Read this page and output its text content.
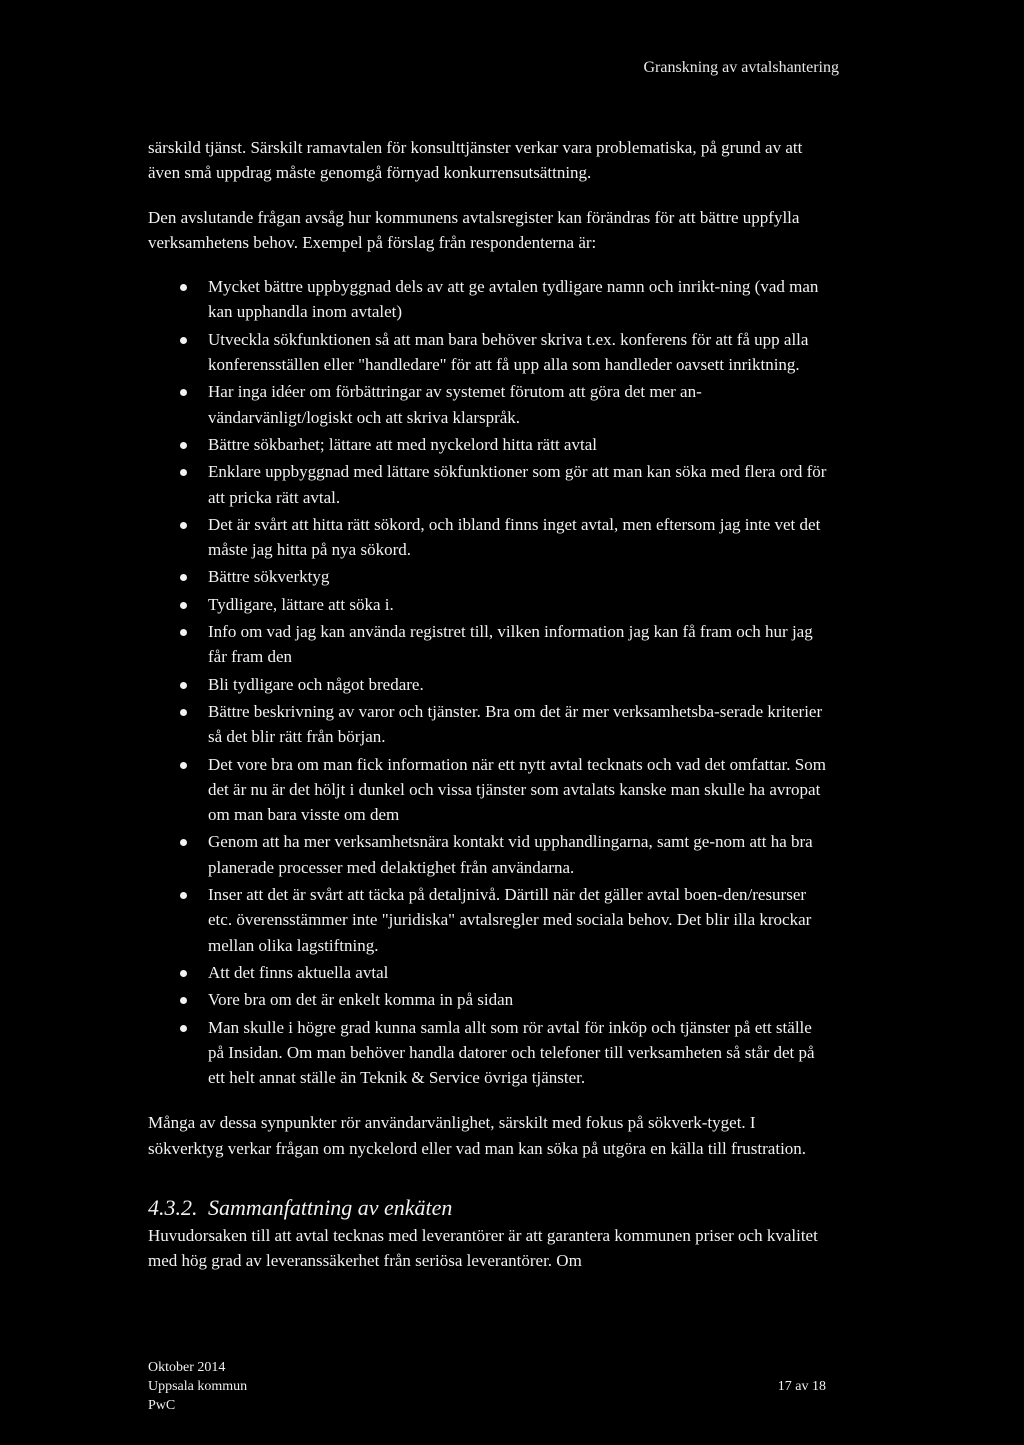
Granskning av avtalshantering

särskild tjänst. Särskilt ramavtalen för konsulttjänster verkar vara problematiska, på grund av att även små uppdrag måste genomgå förnyad konkurrensutsättning.

Den avslutande frågan avsåg hur kommunens avtalsregister kan förändras för att bättre uppfylla verksamhetens behov. Exempel på förslag från respondenterna är:

Mycket bättre uppbyggnad dels av att ge avtalen tydligare namn och inrikt-ning (vad man kan upphandla inom avtalet)
Utveckla sökfunktionen så att man bara behöver skriva t.ex. konferens för att få upp alla konferensställen eller "handledare" för att få upp alla som handleder oavsett inriktning.
Har inga idéer om förbättringar av systemet förutom att göra det mer an-vändarvänligt/logiskt och att skriva klarspråk.
Bättre sökbarhet; lättare att med nyckelord hitta rätt avtal
Enklare uppbyggnad med lättare sökfunktioner som gör att man kan söka med flera ord för att pricka rätt avtal.
Det är svårt att hitta rätt sökord, och ibland finns inget avtal, men eftersom jag inte vet det måste jag hitta på nya sökord.
Bättre sökverktyg
Tydligare, lättare att söka i.
Info om vad jag kan använda registret till, vilken information jag kan få fram och hur jag får fram den
Bli tydligare och något bredare.
Bättre beskrivning av varor och tjänster. Bra om det är mer verksamhetsba-serade kriterier så det blir rätt från början.
Det vore bra om man fick information när ett nytt avtal tecknats och vad det omfattar. Som det är nu är det höljt i dunkel och vissa tjänster som avtalats kanske man skulle ha avropat om man bara visste om dem
Genom att ha mer verksamhetsnära kontakt vid upphandlingarna, samt ge-nom att ha bra planerade processer med delaktighet från användarna.
Inser att det är svårt att täcka på detaljnivå. Därtill när det gäller avtal boen-den/resurser etc. överensstämmer inte "juridiska" avtalsregler med sociala behov. Det blir illa krockar mellan olika lagstiftning.
Att det finns aktuella avtal
Vore bra om det är enkelt komma in på sidan
Man skulle i högre grad kunna samla allt som rör avtal för inköp och tjänster på ett ställe på Insidan. Om man behöver handla datorer och telefoner till verksamheten så står det på ett helt annat ställe än Teknik & Service övriga tjänster.

Många av dessa synpunkter rör användarvänlighet, särskilt med fokus på sökverk-tyget. I sökverktyg verkar frågan om nyckelord eller vad man kan söka på utgöra en källa till frustration.

4.3.2. Sammanfattning av enkäten

Huvudorsaken till att avtal tecknas med leverantörer är att garantera kommunen priser och kvalitet med hög grad av leveranssäkerhet från seriösa leverantörer. Om

Oktober 2014
Uppsala kommun
PwC
17 av 18
